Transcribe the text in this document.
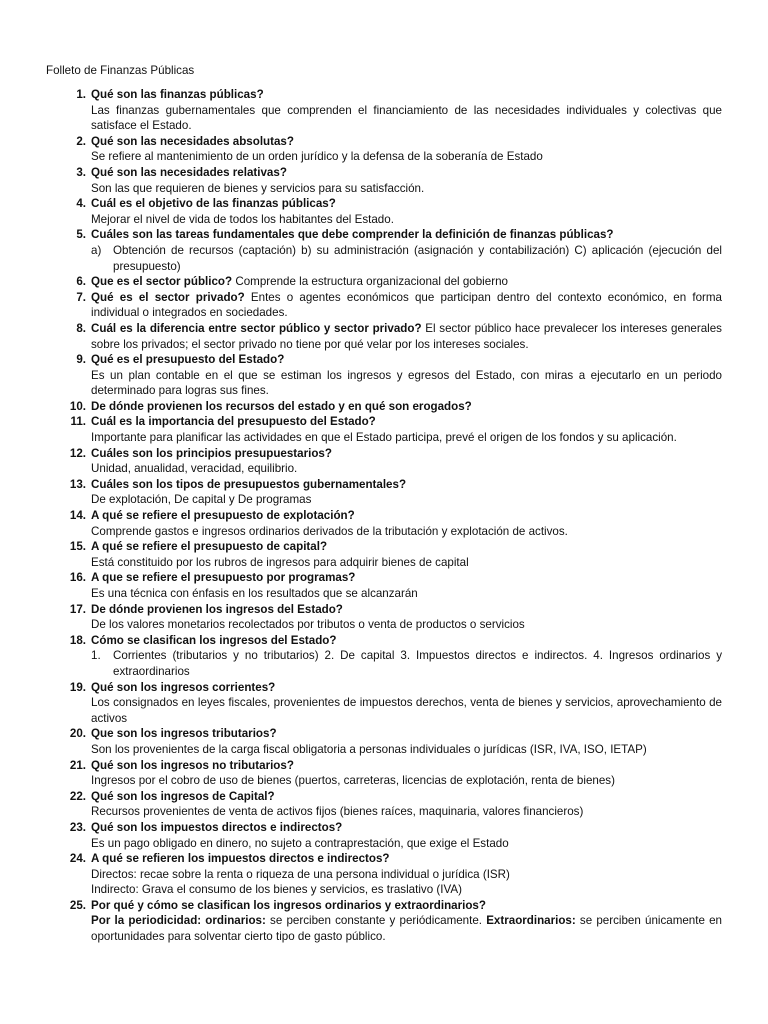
Folleto de Finanzas Públicas
1. Qué son las finanzas públicas?
Las finanzas gubernamentales que comprenden el financiamiento de las necesidades individuales y colectivas que satisface el Estado.
2. Qué son las necesidades absolutas?
Se refiere al mantenimiento de un orden jurídico y la defensa de la soberanía de Estado
3. Qué son las necesidades relativas?
Son las que requieren de bienes y servicios para su satisfacción.
4. Cuál es el objetivo de las finanzas públicas?
Mejorar el nivel de vida de todos los habitantes del Estado.
5. Cuáles son las tareas fundamentales que debe comprender la definición de finanzas públicas?
a) Obtención de recursos (captación) b) su administración (asignación y contabilización) C) aplicación (ejecución del presupuesto)
6. Que es el sector público? Comprende la estructura organizacional del gobierno
7. Qué es el sector privado? Entes o agentes económicos que participan dentro del contexto económico, en forma individual o integrados en sociedades.
8. Cuál es la diferencia entre sector público y sector privado? El sector público hace prevalecer los intereses generales sobre los privados; el sector privado no tiene por qué velar por los intereses sociales.
9. Qué es el presupuesto del Estado?
Es un plan contable en el que se estiman los ingresos y egresos del Estado, con miras a ejecutarlo en un periodo determinado para logras sus fines.
10. De dónde provienen los recursos del estado y en qué son erogados?
11. Cuál es la importancia del presupuesto del Estado?
Importante para planificar las actividades en que el Estado participa, prevé el origen de los fondos y su aplicación.
12. Cuáles son los principios presupuestarios?
Unidad, anualidad, veracidad, equilibrio.
13. Cuáles son los tipos de presupuestos gubernamentales?
De explotación, De capital y De programas
14. A qué se refiere el presupuesto de explotación?
Comprende gastos e ingresos ordinarios derivados de la tributación y explotación de activos.
15. A qué se refiere el presupuesto de capital?
Está constituido por los rubros de ingresos para adquirir bienes de capital
16. A que se refiere el presupuesto por programas?
Es una técnica con énfasis en los resultados que se alcanzarán
17. De dónde provienen los ingresos del Estado?
De los valores monetarios recolectados por tributos o venta de productos o servicios
18. Cómo se clasifican los ingresos del Estado?
1. Corrientes (tributarios y no tributarios) 2. De capital 3. Impuestos directos e indirectos. 4. Ingresos ordinarios y extraordinarios
19. Qué son los ingresos corrientes?
Los consignados en leyes fiscales, provenientes de impuestos derechos, venta de bienes y servicios, aprovechamiento de activos
20. Que son los ingresos tributarios?
Son los provenientes de la carga fiscal obligatoria a personas individuales o jurídicas (ISR, IVA, ISO, IETAP)
21. Qué son los ingresos no tributarios?
Ingresos por el cobro de uso de bienes (puertos, carreteras, licencias de explotación, renta de bienes)
22. Qué son los ingresos de Capital?
Recursos provenientes de venta de activos fijos (bienes raíces, maquinaria, valores financieros)
23. Qué son los impuestos directos e indirectos?
Es un pago obligado en dinero, no sujeto a contraprestación, que exige el Estado
24. A qué se refieren los impuestos directos e indirectos?
Directos: recae sobre la renta o riqueza de una persona individual o jurídica (ISR)
Indirecto: Grava el consumo de los bienes y servicios, es traslativo (IVA)
25. Por qué y cómo se clasifican los ingresos ordinarios y extraordinarios?
Por la periodicidad: ordinarios: se perciben constante y periódicamente. Extraordinarios: se perciben únicamente en oportunidades para solventar cierto tipo de gasto público.
